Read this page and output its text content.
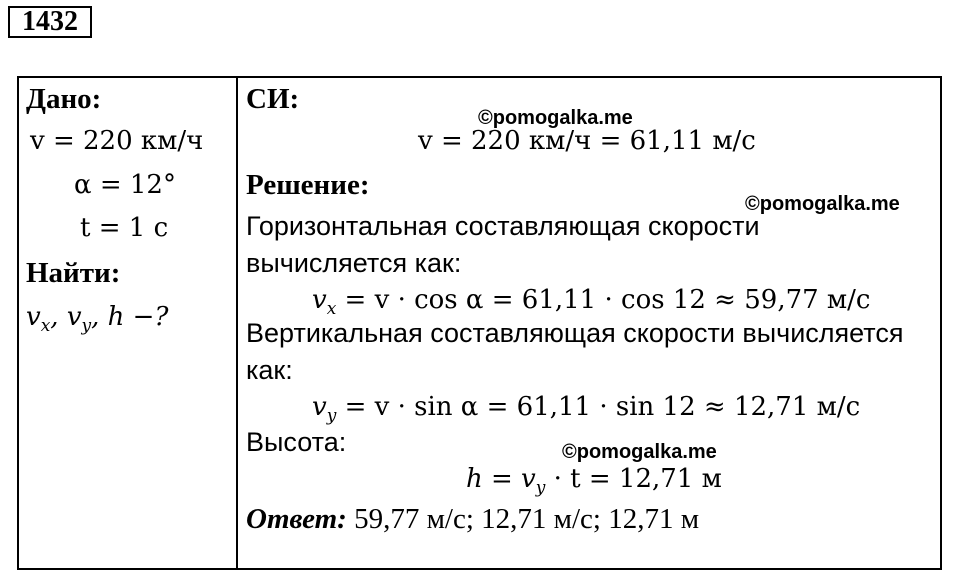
1432
Дано:
v = 220 км/ч
α = 12°
t = 1 с
Найти:
$v_x$, $v_y$, h −?
СИ:
v = 220 км/ч = 61,11 м/с
Решение:
Горизонтальная составляющая скорости
вычисляется как:
$v_x = v \cdot \cos \alpha = 61,11 \cdot \cos 12 \approx 59,77$ м/с
Вертикальная составляющая скорости вычисляется
как:
$v_y = v \cdot \sin \alpha = 61,11 \cdot \sin 12 \approx 12,71$ м/с
Высота:
$h = v_y \cdot t = 12,71$ м
Ответ: 59,77 м/с; 12,71 м/с; 12,71 м
©pomogalka.me
©pomogalka.me
©pomogalka.me
